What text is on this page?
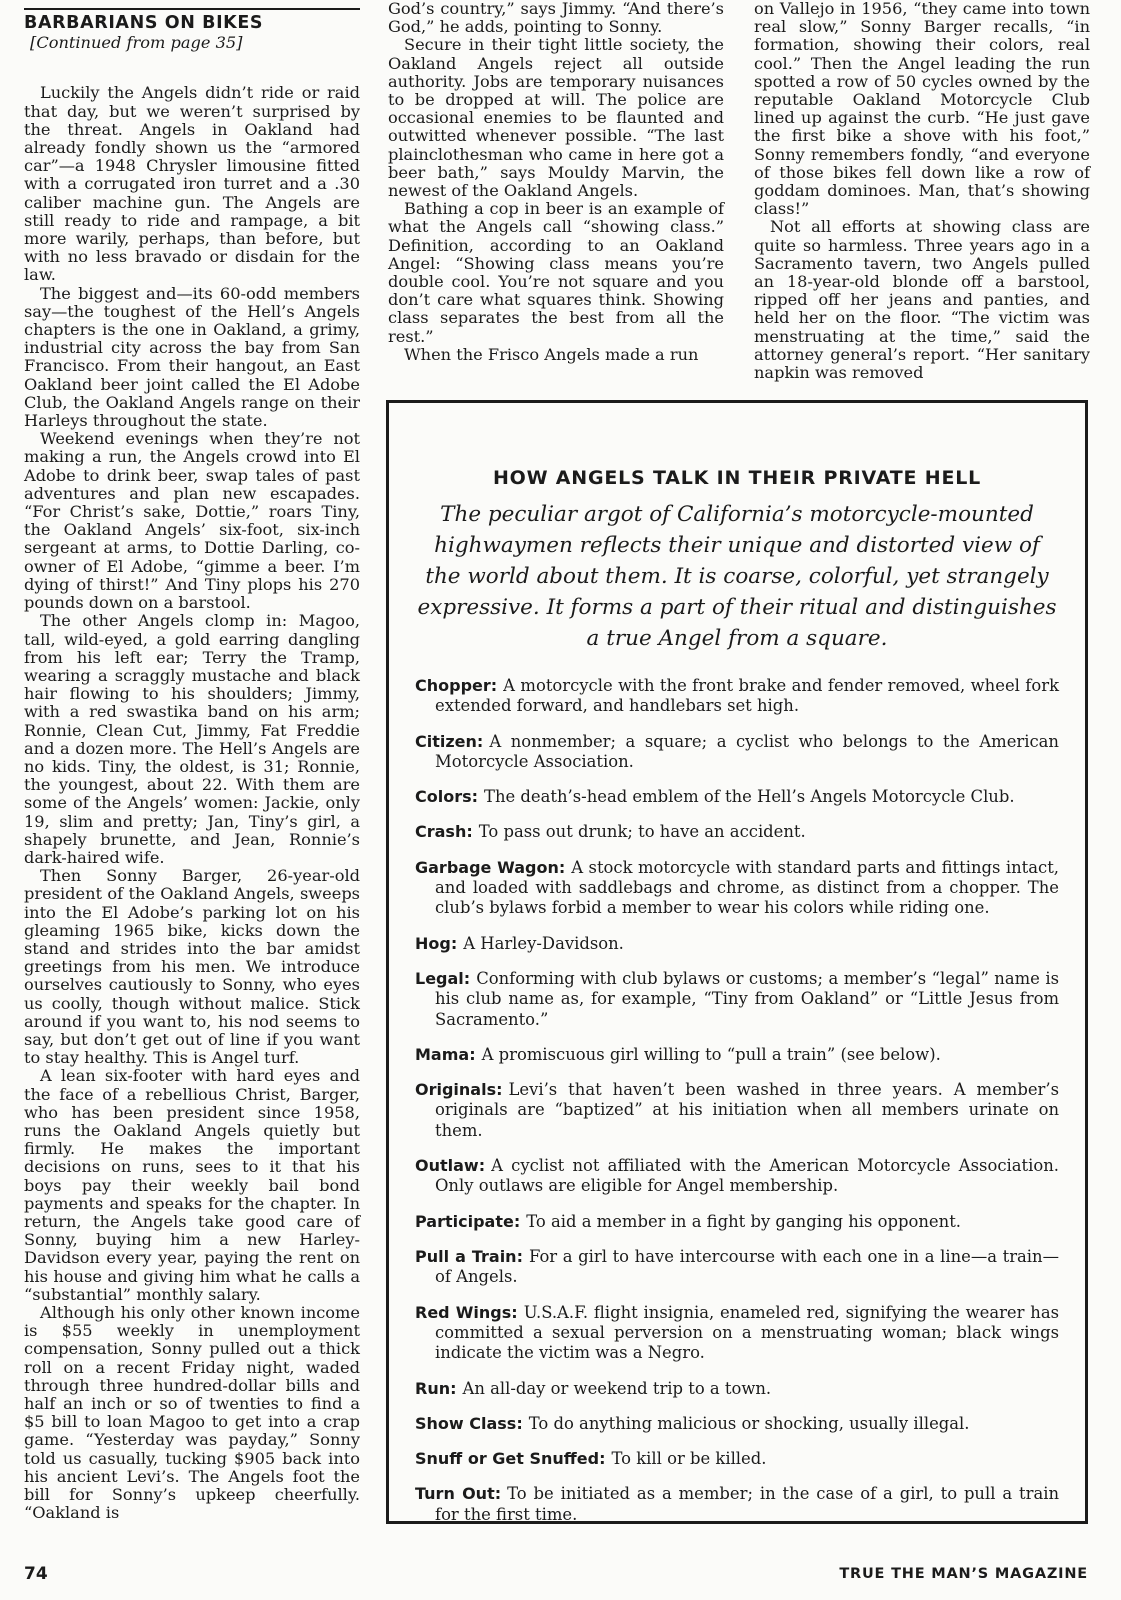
BARBARIANS ON BIKES
[Continued from page 35]

Luckily the Angels didn’t ride or raid that day, but we weren’t surprised by the threat. Angels in Oakland had already fondly shown us the “armored car”—a 1948 Chrysler limousine fitted with a corrugated iron turret and a .30 caliber machine gun. The Angels are still ready to ride and rampage, a bit more warily, perhaps, than before, but with no less bravado or disdain for the law.

The biggest and—its 60-odd members say—the toughest of the Hell’s Angels chapters is the one in Oakland, a grimy, industrial city across the bay from San Francisco. From their hangout, an East Oakland beer joint called the El Adobe Club, the Oakland Angels range on their Harleys throughout the state.

Weekend evenings when they’re not making a run, the Angels crowd into El Adobe to drink beer, swap tales of past adventures and plan new escapades. “For Christ’s sake, Dottie,” roars Tiny, the Oakland Angels’ six-foot, six-inch sergeant at arms, to Dottie Darling, co-owner of El Adobe, “gimme a beer. I’m dying of thirst!” And Tiny plops his 270 pounds down on a barstool.

The other Angels clomp in: Magoo, tall, wild-eyed, a gold earring dangling from his left ear; Terry the Tramp, wearing a scraggly mustache and black hair flowing to his shoulders; Jimmy, with a red swastika band on his arm; Ronnie, Clean Cut, Jimmy, Fat Freddie and a dozen more. The Hell’s Angels are no kids. Tiny, the oldest, is 31; Ronnie, the youngest, about 22. With them are some of the Angels’ women: Jackie, only 19, slim and pretty; Jan, Tiny’s girl, a shapely brunette, and Jean, Ronnie’s dark-haired wife.

Then Sonny Barger, 26-year-old president of the Oakland Angels, sweeps into the El Adobe’s parking lot on his gleaming 1965 bike, kicks down the stand and strides into the bar amidst greetings from his men. We introduce ourselves cautiously to Sonny, who eyes us coolly, though without malice. Stick around if you want to, his nod seems to say, but don’t get out of line if you want to stay healthy. This is Angel turf.

A lean six-footer with hard eyes and the face of a rebellious Christ, Barger, who has been president since 1958, runs the Oakland Angels quietly but firmly. He makes the important decisions on runs, sees to it that his boys pay their weekly bail bond payments and speaks for the chapter. In return, the Angels take good care of Sonny, buying him a new Harley-Davidson every year, paying the rent on his house and giving him what he calls a “substantial” monthly salary.

Although his only other known income is $55 weekly in unemployment compensation, Sonny pulled out a thick roll on a recent Friday night, waded through three hundred-dollar bills and half an inch or so of twenties to find a $5 bill to loan Magoo to get into a crap game. “Yesterday was payday,” Sonny told us casually, tucking $905 back into his ancient Levi’s. The Angels foot the bill for Sonny’s upkeep cheerfully. “Oakland is

God’s country,” says Jimmy. “And there’s God,” he adds, pointing to Sonny.

Secure in their tight little society, the Oakland Angels reject all outside authority. Jobs are temporary nuisances to be dropped at will. The police are occasional enemies to be flaunted and outwitted whenever possible. “The last plainclothesman who came in here got a beer bath,” says Mouldy Marvin, the newest of the Oakland Angels.

Bathing a cop in beer is an example of what the Angels call “showing class.” Definition, according to an Oakland Angel: “Showing class means you’re double cool. You’re not square and you don’t care what squares think. Showing class separates the best from all the rest.”

When the Frisco Angels made a run

on Vallejo in 1956, “they came into town real slow,” Sonny Barger recalls, “in formation, showing their colors, real cool.” Then the Angel leading the run spotted a row of 50 cycles owned by the reputable Oakland Motorcycle Club lined up against the curb. “He just gave the first bike a shove with his foot,” Sonny remembers fondly, “and everyone of those bikes fell down like a row of goddam dominoes. Man, that’s showing class!”

Not all efforts at showing class are quite so harmless. Three years ago in a Sacramento tavern, two Angels pulled an 18-year-old blonde off a barstool, ripped off her jeans and panties, and held her on the floor. “The victim was menstruating at the time,” said the attorney general’s report. “Her sanitary napkin was removed

HOW ANGELS TALK IN THEIR PRIVATE HELL
The peculiar argot of California’s motorcycle-mounted highwaymen reflects their unique and distorted view of the world about them. It is coarse, colorful, yet strangely expressive. It forms a part of their ritual and distinguishes a true Angel from a square.

Chopper: A motorcycle with the front brake and fender removed, wheel fork extended forward, and handlebars set high.

Citizen: A nonmember; a square; a cyclist who belongs to the American Motorcycle Association.

Colors: The death’s-head emblem of the Hell’s Angels Motorcycle Club.

Crash: To pass out drunk; to have an accident.

Garbage Wagon: A stock motorcycle with standard parts and fittings intact, and loaded with saddlebags and chrome, as distinct from a chopper. The club’s bylaws forbid a member to wear his colors while riding one.

Hog: A Harley-Davidson.

Legal: Conforming with club bylaws or customs; a member’s “legal” name is his club name as, for example, “Tiny from Oakland” or “Little Jesus from Sacramento.”

Mama: A promiscuous girl willing to “pull a train” (see below).

Originals: Levi’s that haven’t been washed in three years. A member’s originals are “baptized” at his initiation when all members urinate on them.

Outlaw: A cyclist not affiliated with the American Motorcycle Association. Only outlaws are eligible for Angel membership.

Participate: To aid a member in a fight by ganging his opponent.

Pull a Train: For a girl to have intercourse with each one in a line—a train—of Angels.

Red Wings: U.S.A.F. flight insignia, enameled red, signifying the wearer has committed a sexual perversion on a menstruating woman; black wings indicate the victim was a Negro.

Run: An all-day or weekend trip to a town.

Show Class: To do anything malicious or shocking, usually illegal.

Snuff or Get Snuffed: To kill or be killed.

Turn Out: To be initiated as a member; in the case of a girl, to pull a train for the first time.

74	TRUE THE MAN’S MAGAZINE
